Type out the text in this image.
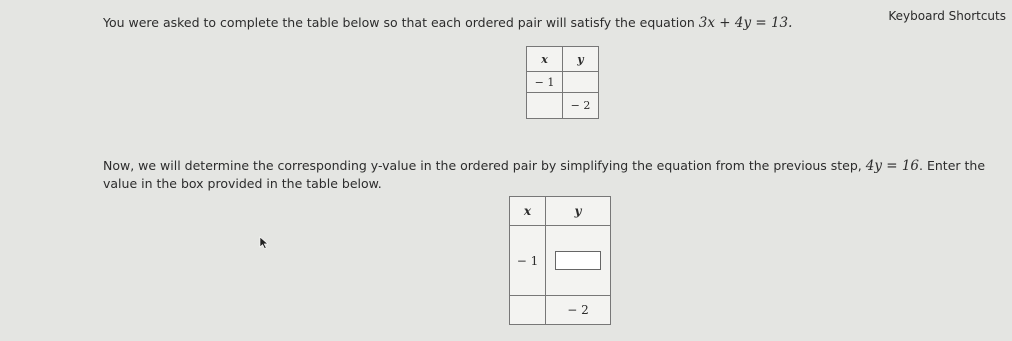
Keyboard Shortcuts
You were asked to complete the table below so that each ordered pair will satisfy the equation 3x + 4y = 13.
x	y
− 1	
	− 2
Now, we will determine the corresponding y-value in the ordered pair by simplifying the equation from the previous step, 4y = 16. Enter the value in the box provided in the table below.
x	y
− 1	
	− 2
